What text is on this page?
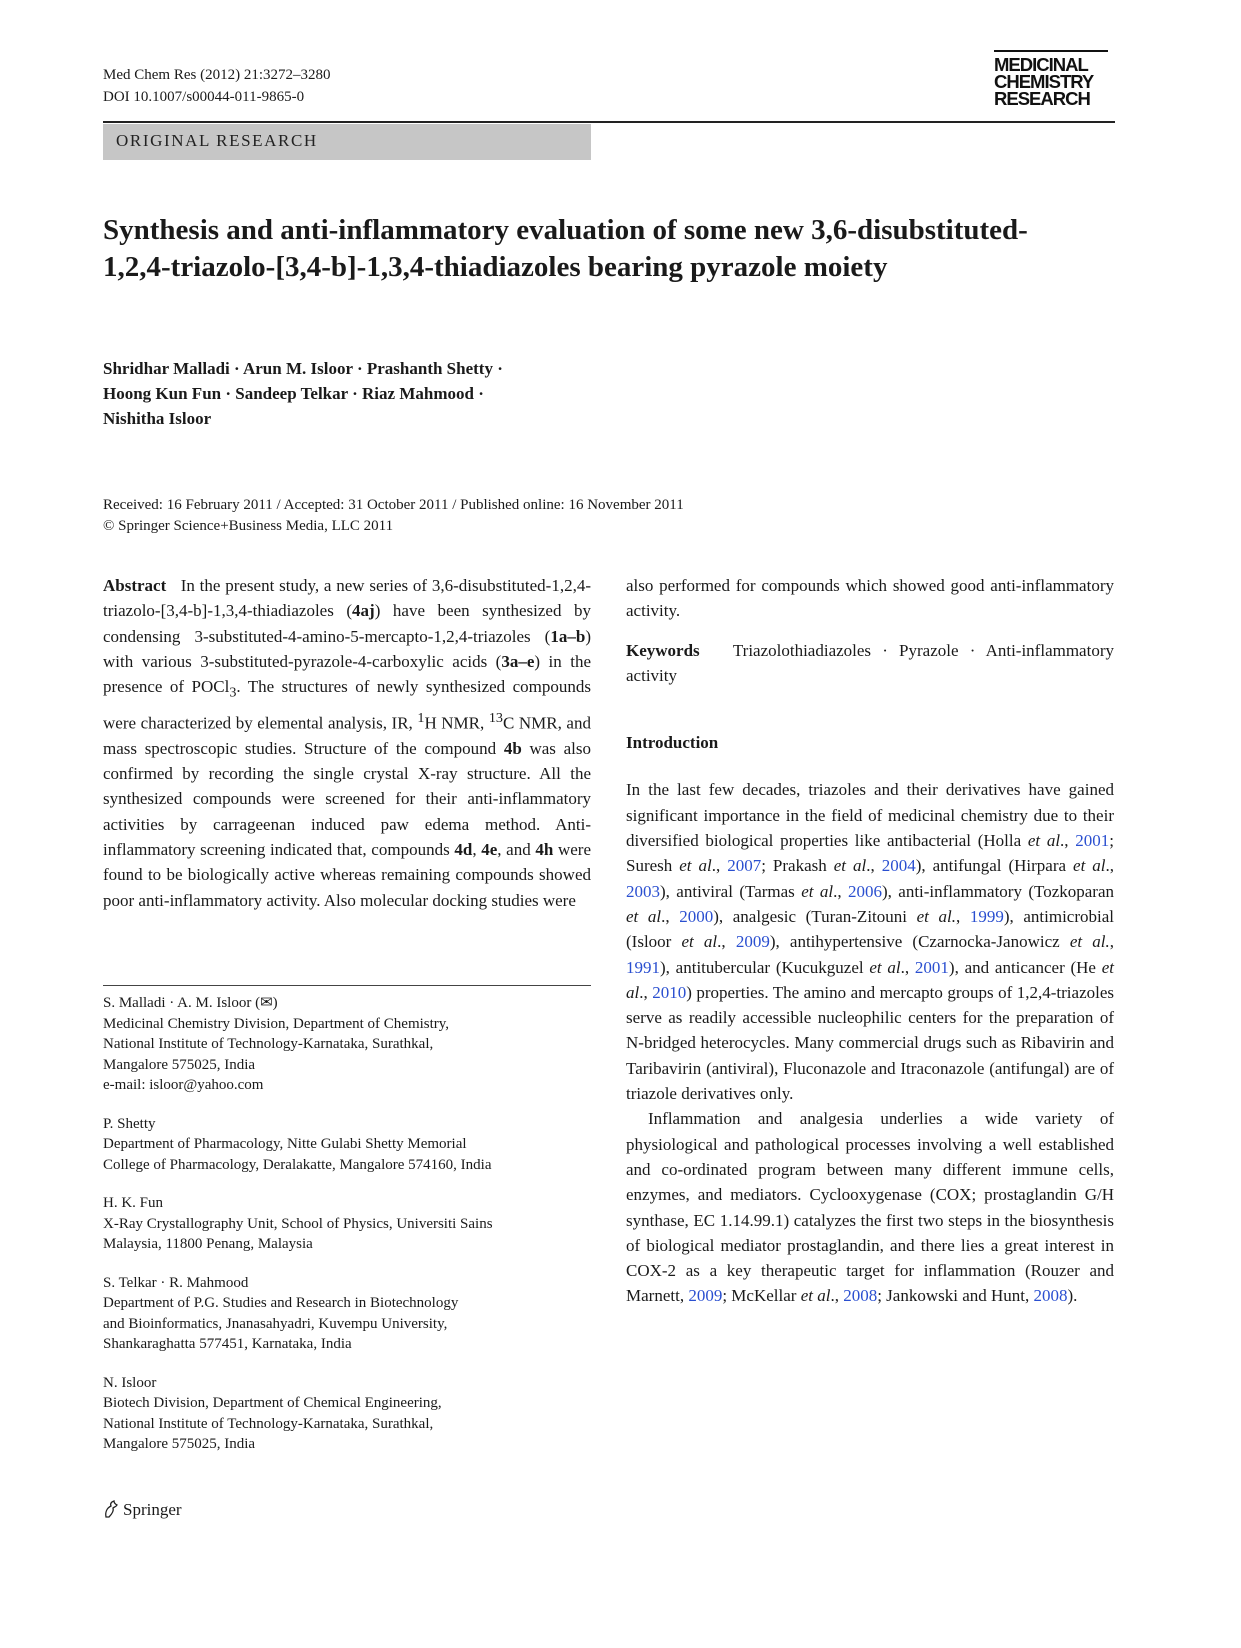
Med Chem Res (2012) 21:3272–3280
DOI 10.1007/s00044-011-9865-0
MEDICINAL
CHEMISTRY
RESEARCH
ORIGINAL RESEARCH
Synthesis and anti-inflammatory evaluation of some new 3,6-disubstituted-1,2,4-triazolo-[3,4-b]-1,3,4-thiadiazoles bearing pyrazole moiety
Shridhar Malladi · Arun M. Isloor · Prashanth Shetty ·
Hoong Kun Fun · Sandeep Telkar · Riaz Mahmood ·
Nishitha Isloor
Received: 16 February 2011 / Accepted: 31 October 2011 / Published online: 16 November 2011
© Springer Science+Business Media, LLC 2011
Abstract In the present study, a new series of 3,6-disubstituted-1,2,4-triazolo-[3,4-b]-1,3,4-thiadiazoles (4aj) have been synthesized by condensing 3-substituted-4-amino-5-mercapto-1,2,4-triazoles (1a–b) with various 3-substituted-pyrazole-4-carboxylic acids (3a–e) in the presence of POCl$_3$. The structures of newly synthesized compounds were characterized by elemental analysis, IR, $^1$H NMR, $^{13}$C NMR, and mass spectroscopic studies. Structure of the compound 4b was also confirmed by recording the single crystal X-ray structure. All the synthesized compounds were screened for their anti-inflammatory activities by carrageenan induced paw edema method. Anti-inflammatory screening indicated that, compounds 4d, 4e, and 4h were found to be biologically active whereas remaining compounds showed poor anti-inflammatory activity. Also molecular docking studies were
S. Malladi · A. M. Isloor (✉)
Medicinal Chemistry Division, Department of Chemistry,
National Institute of Technology-Karnataka, Surathkal,
Mangalore 575025, India
e-mail: isloor@yahoo.com
P. Shetty
Department of Pharmacology, Nitte Gulabi Shetty Memorial
College of Pharmacology, Deralakatte, Mangalore 574160, India
H. K. Fun
X-Ray Crystallography Unit, School of Physics, Universiti Sains
Malaysia, 11800 Penang, Malaysia
S. Telkar · R. Mahmood
Department of P.G. Studies and Research in Biotechnology
and Bioinformatics, Jnanasahyadri, Kuvempu University,
Shankaraghatta 577451, Karnataka, India
N. Isloor
Biotech Division, Department of Chemical Engineering,
National Institute of Technology-Karnataka, Surathkal,
Mangalore 575025, India
also performed for compounds which showed good anti-inflammatory activity.
Keywords Triazolothiadiazoles · Pyrazole · Anti-inflammatory activity
Introduction
In the last few decades, triazoles and their derivatives have gained significant importance in the field of medicinal chemistry due to their diversified biological properties like antibacterial (Holla et al., 2001; Suresh et al., 2007; Prakash et al., 2004), antifungal (Hirpara et al., 2003), antiviral (Tarmas et al., 2006), anti-inflammatory (Tozkoparan et al., 2000), analgesic (Turan-Zitouni et al., 1999), antimicrobial (Isloor et al., 2009), antihypertensive (Czarnocka-Janowicz et al., 1991), antitubercular (Kucukguzel et al., 2001), and anticancer (He et al., 2010) properties. The amino and mercapto groups of 1,2,4-triazoles serve as readily accessible nucleophilic centers for the preparation of N-bridged heterocycles. Many commercial drugs such as Ribavirin and Taribavirin (antiviral), Fluconazole and Itraconazole (antifungal) are of triazole derivatives only.
Inflammation and analgesia underlies a wide variety of physiological and pathological processes involving a well established and co-ordinated program between many different immune cells, enzymes, and mediators. Cyclooxygenase (COX; prostaglandin G/H synthase, EC 1.14.99.1) catalyzes the first two steps in the biosynthesis of biological mediator prostaglandin, and there lies a great interest in COX-2 as a key therapeutic target for inflammation (Rouzer and Marnett, 2009; McKellar et al., 2008; Jankowski and Hunt, 2008).
Springer
